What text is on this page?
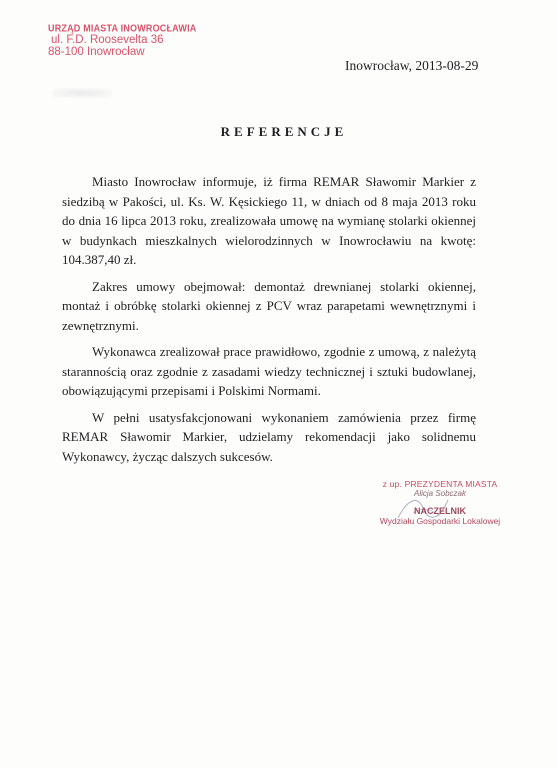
URZĄD MIASTA INOWROCŁAWIA
ul. F.D. Roosevelta 36
88-100 Inowrocław
Inowrocław, 2013-08-29
REFERENCJE

Miasto Inowrocław informuje, iż firma REMAR Sławomir Markier z siedzibą w Pakości, ul. Ks. W. Kęsickiego 11, w dniach od 8 maja 2013 roku do dnia 16 lipca 2013 roku, zrealizowała umowę na wymianę stolarki okiennej w budynkach mieszkalnych wielorodzinnych w Inowrocławiu na kwotę: 104.387,40 zł.

Zakres umowy obejmował: demontaż drewnianej stolarki okiennej, montaż i obróbkę stolarki okiennej z PCV wraz parapetami wewnętrznymi i zewnętrznymi.

Wykonawca zrealizował prace prawidłowo, zgodnie z umową, z należytą starannością oraz zgodnie z zasadami wiedzy technicznej i sztuki budowlanej, obowiązującymi przepisami i Polskimi Normami.

W pełni usatysfakcjonowani wykonaniem zamówienia przez firmę REMAR Sławomir Markier, udzielamy rekomendacji jako solidnemu Wykonawcy, życząc dalszych sukcesów.

z up. PREZYDENTA MIASTA
Alicja Sobczak
NACZELNIK
Wydziału Gospodarki Lokalowej
